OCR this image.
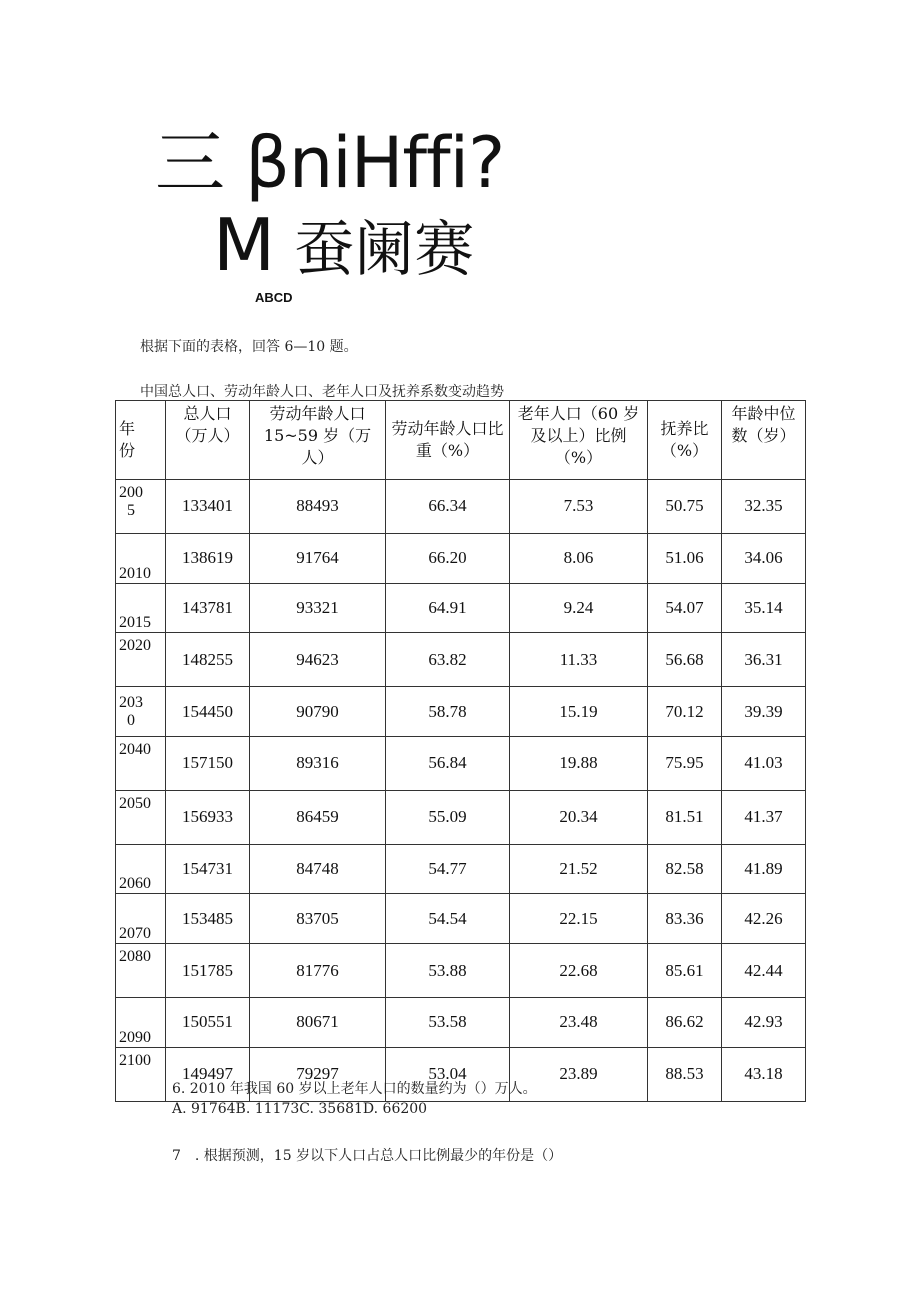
三 βniHffi?
M 蚕阑赛
ABCD
根据下面的表格，回答 6—10 题。
中国总人口、劳动年龄人口、老年人口及抚养系数变动趋势
年份	总人口（万人）	劳动年龄人口 15~59 岁（万人）	劳动年龄人口比重（%）	老年人口（60 岁及以上）比例（%）	抚养比（%）	年龄中位数（岁）

2005	133401	88493	66.34	7.53	50.75	32.35

2010	138619	91764	66.20	8.06	51.06	34.06

2015	143781	93321	64.91	9.24	54.07	35.14

2020	148255	94623	63.82	11.33	56.68	36.31

2030	154450	90790	58.78	15.19	70.12	39.39

2040	157150	89316	56.84	19.88	75.95	41.03

2050	156933	86459	55.09	20.34	81.51	41.37

2060	154731	84748	54.77	21.52	82.58	41.89

2070	153485	83705	54.54	22.15	83.36	42.26

2080	151785	81776	53.88	22.68	85.61	42.44

2090	150551	80671	53.58	23.48	86.62	42.93

2100	149497	79297	53.04	23.89	88.53	43.18
6. 2010 年我国 60 岁以上老年人口的数量约为（）万人。
A. 91764B. 11173C. 35681D. 66200
7　. 根据预测，15 岁以下人口占总人口比例最少的年份是（）
